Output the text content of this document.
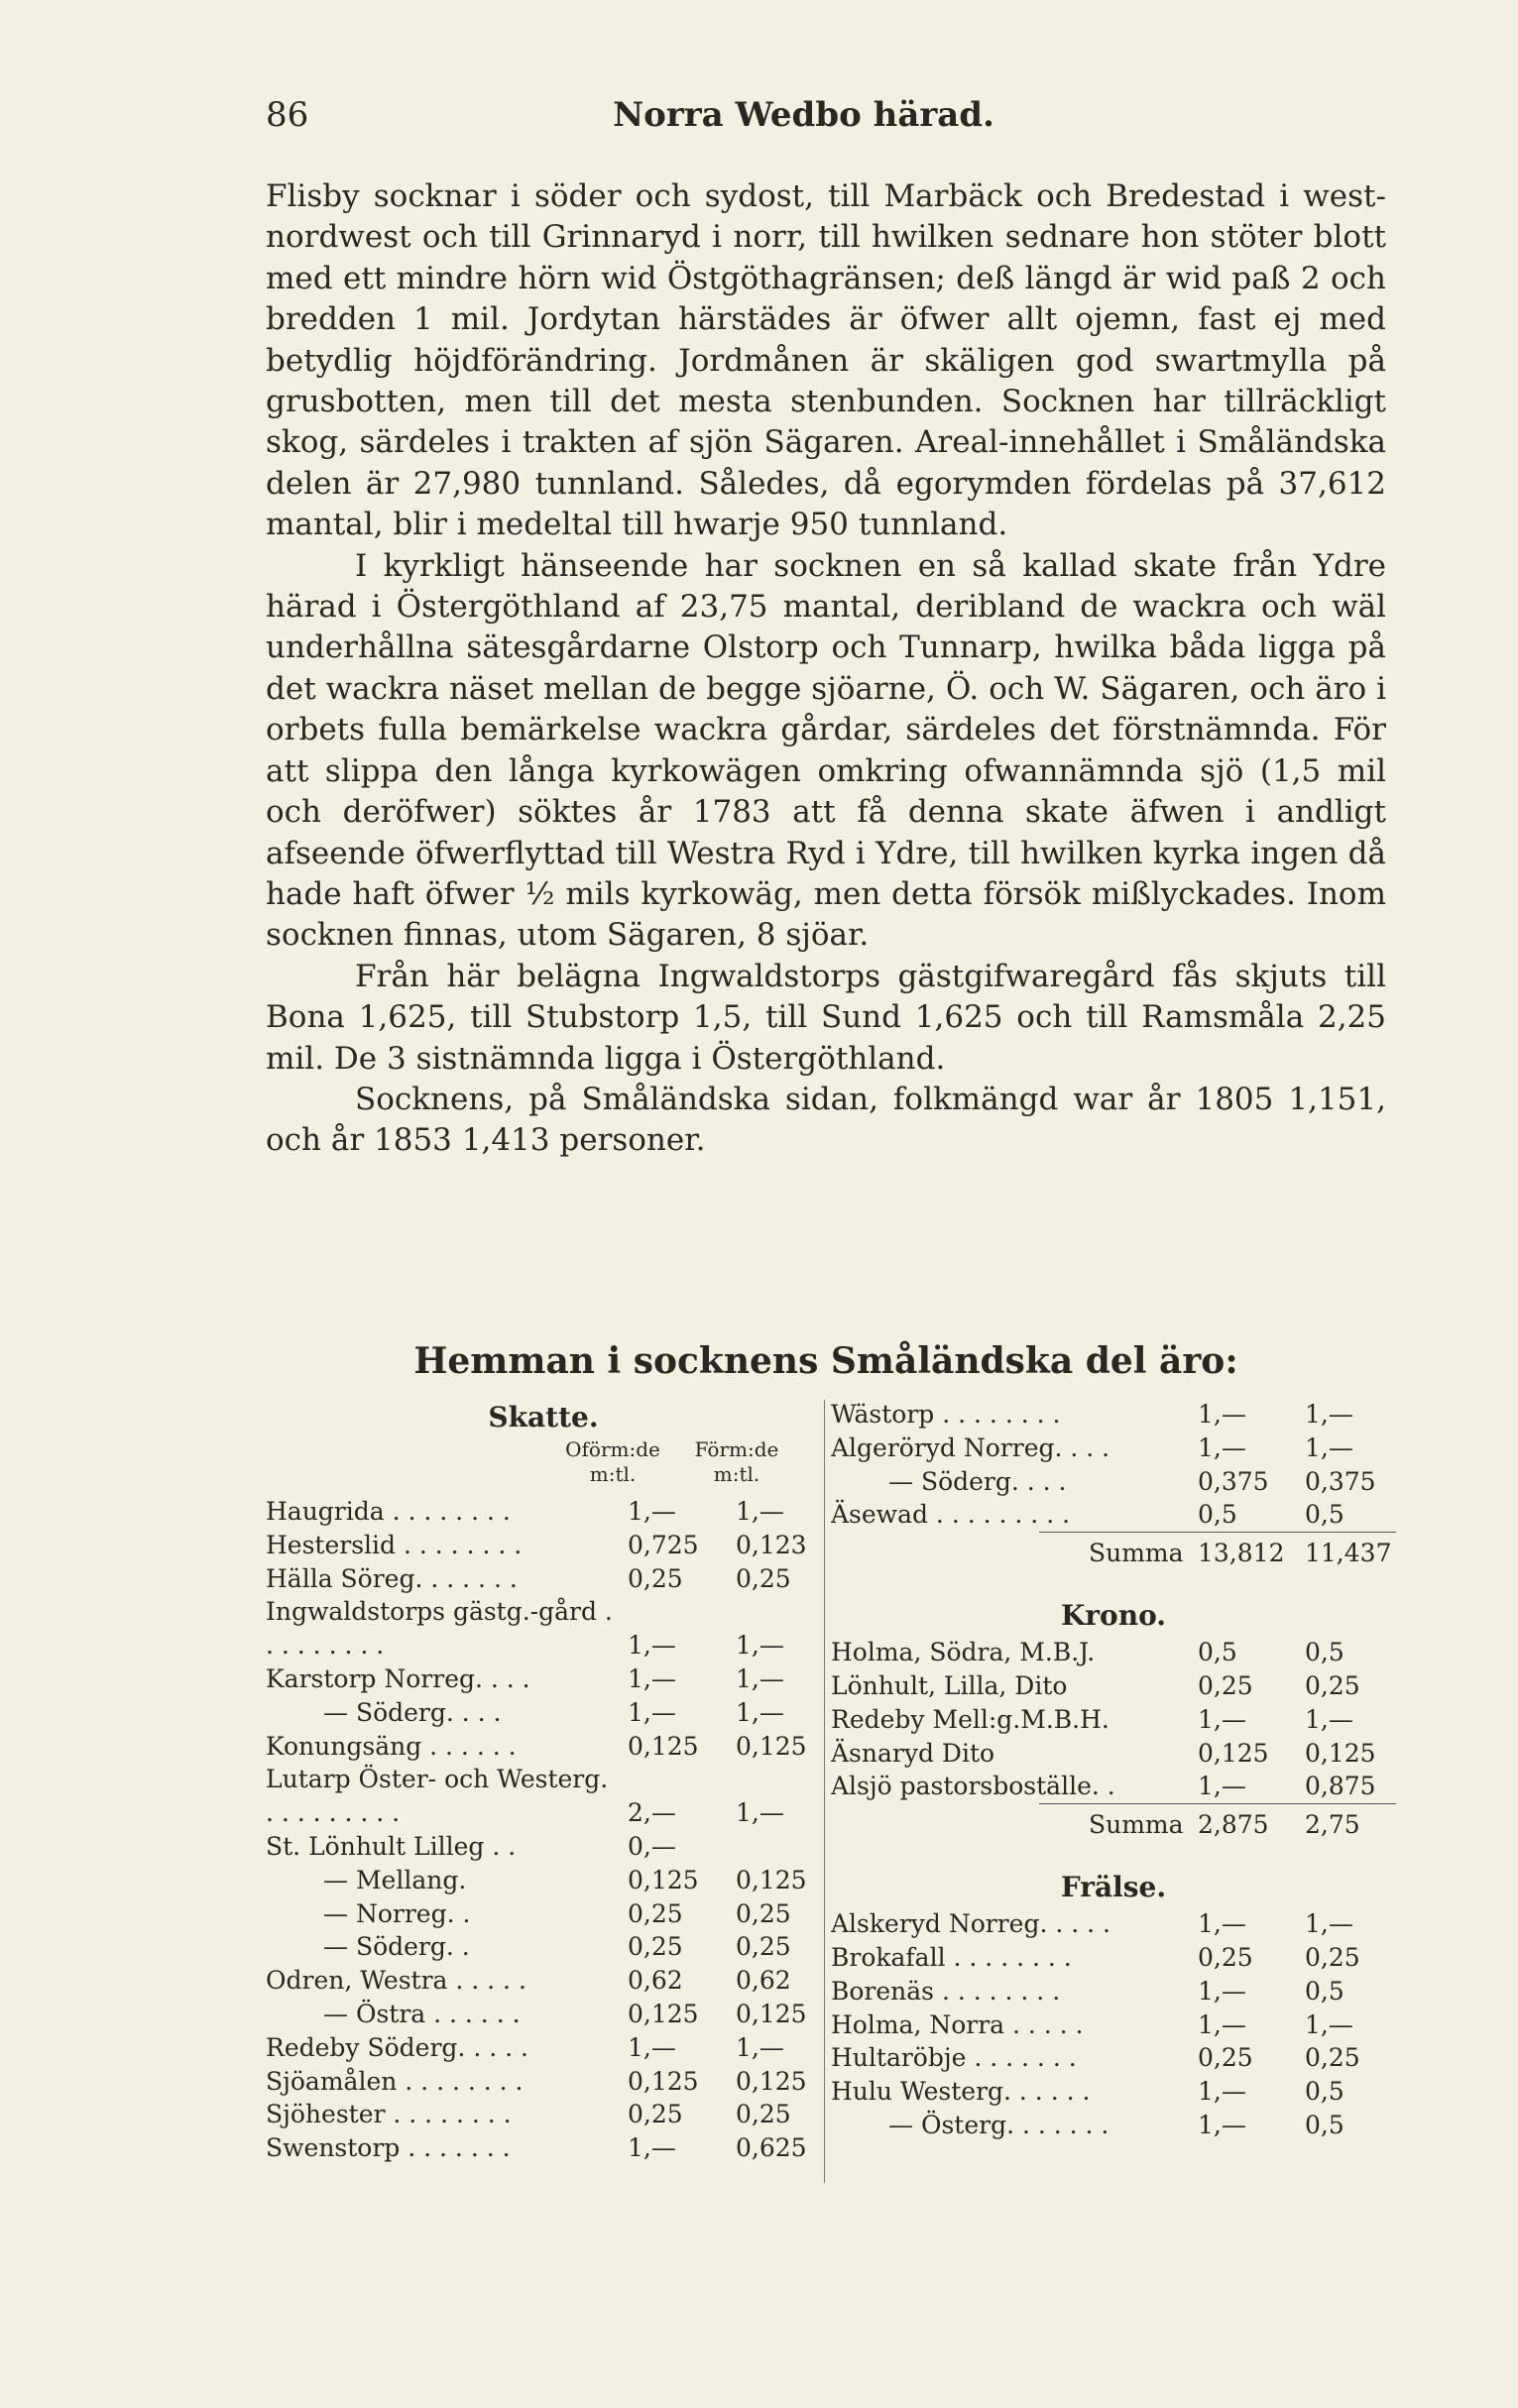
86	Norra Wedbo härad.

Flisby socknar i söder och sydost, till Marbäck och Bredestad i west-nordwest och till Grinnaryd i norr, till hwilken sednare hon stöter blott med ett mindre hörn wid Östgöthagränsen; deß längd är wid paß 2 och bredden 1 mil. Jordytan härstädes är öfwer allt ojemn, fast ej med betydlig höjdförändring. Jordmånen är skäligen god swartmylla på grusbotten, men till det mesta stenbunden. Socknen har tillräckligt skog, särdeles i trakten af sjön Sägaren. Areal-innehållet i Småländska delen är 27,980 tunnland. Således, då egorymden fördelas på 37,612 mantal, blir i medeltal till hwarje 950 tunnland.

I kyrkligt hänseende har socknen en så kallad skate från Ydre härad i Östergöthland af 23,75 mantal, deribland de wackra och wäl underhållna sätesgårdarne Olstorp och Tunnarp, hwilka båda ligga på det wackra näset mellan de begge sjöarne, Ö. och W. Sägaren, och äro i orbets fulla bemärkelse wackra gårdar, särdeles det förstnämnda. För att slippa den långa kyrkowägen omkring ofwannämnda sjö (1,5 mil och deröfwer) söktes år 1783 att få denna skate äfwen i andligt afseende öfwerflyttad till Westra Ryd i Ydre, till hwilken kyrka ingen då hade haft öfwer ½ mils kyrkowäg, men detta försök mißlyckades. Inom socknen finnas, utom Sägaren, 8 sjöar.

Från här belägna Ingwaldstorps gästgifwaregård fås skjuts till Bona 1,625, till Stubstorp 1,5, till Sund 1,625 och till Ramsmåla 2,25 mil. De 3 sistnämnda ligga i Östergöthland.

Socknens, på Småländska sidan, folkmängd war år 1805 1,151, och år 1853 1,413 personer.

Hemman i socknens Småländska del äro:
Skatte.
Oförm:de m:tl.
Förm:de m:tl.
Haugrida . . . . . . . .	1,— 1,—
Hesterslid . . . . . . . .	0,725 0,123
Hälla Söreg. . . . . . .	0,25 0,25
Ingwaldstorps gästg.-gård . . . . . . . . .	1,— 1,—
Karstorp Norreg. . . .	1,— 1,—
— Söderg. . . .	1,— 1,—
Konungsäng . . . . . .	0,125 0,125
Lutarp Öster- och Westerg. . . . . . . . . .	2,— 1,—
St. Lönhult Lilleg . .	0,—
— Mellang.	0,125 0,125
— Norreg. .	0,25 0,25
— Söderg. .	0,25 0,25
Odren, Westra . . . . .	0,62 0,62
— Östra . . . . . .	0,125 0,125
Redeby Söderg. . . . .	1,— 1,—
Sjöamålen . . . . . . . .	0,125 0,125
Sjöhester . . . . . . . .	0,25 0,25
Swenstorp . . . . . . .	1,— 0,625
Wästorp . . . . . . . .	1,— 1,—
Algeröryd Norreg. . . .	1,— 1,—
— Söderg. . . .	0,375 0,375
Äsewad . . . . . . . . .	0,5	0,5
Summa 13,812 11,437
Krono.
Holma, Södra, M.B.J.	0,5	0,5
Lönhult, Lilla, Dito	0,25 0,25
Redeby Mell:g.M.B.H.	1,— 1,—
Äsnaryd Dito	0,125 0,125
Alsjö pastorsboställe. .	1,— 0,875
Summa 2,875 2,75
Frälse.
Alskeryd Norreg. . . . .	1,— 1,—
Brokafall . . . . . . . .	0,25 0,25
Borenäs . . . . . . . .	1,— 0,5
Holma, Norra . . . . .	1,— 1,—
Hultaröbje . . . . . . .	0,25 0,25
Hulu Westerg. . . . . .	1,— 0,5
— Österg. . . . . . .	1,— 0,5
